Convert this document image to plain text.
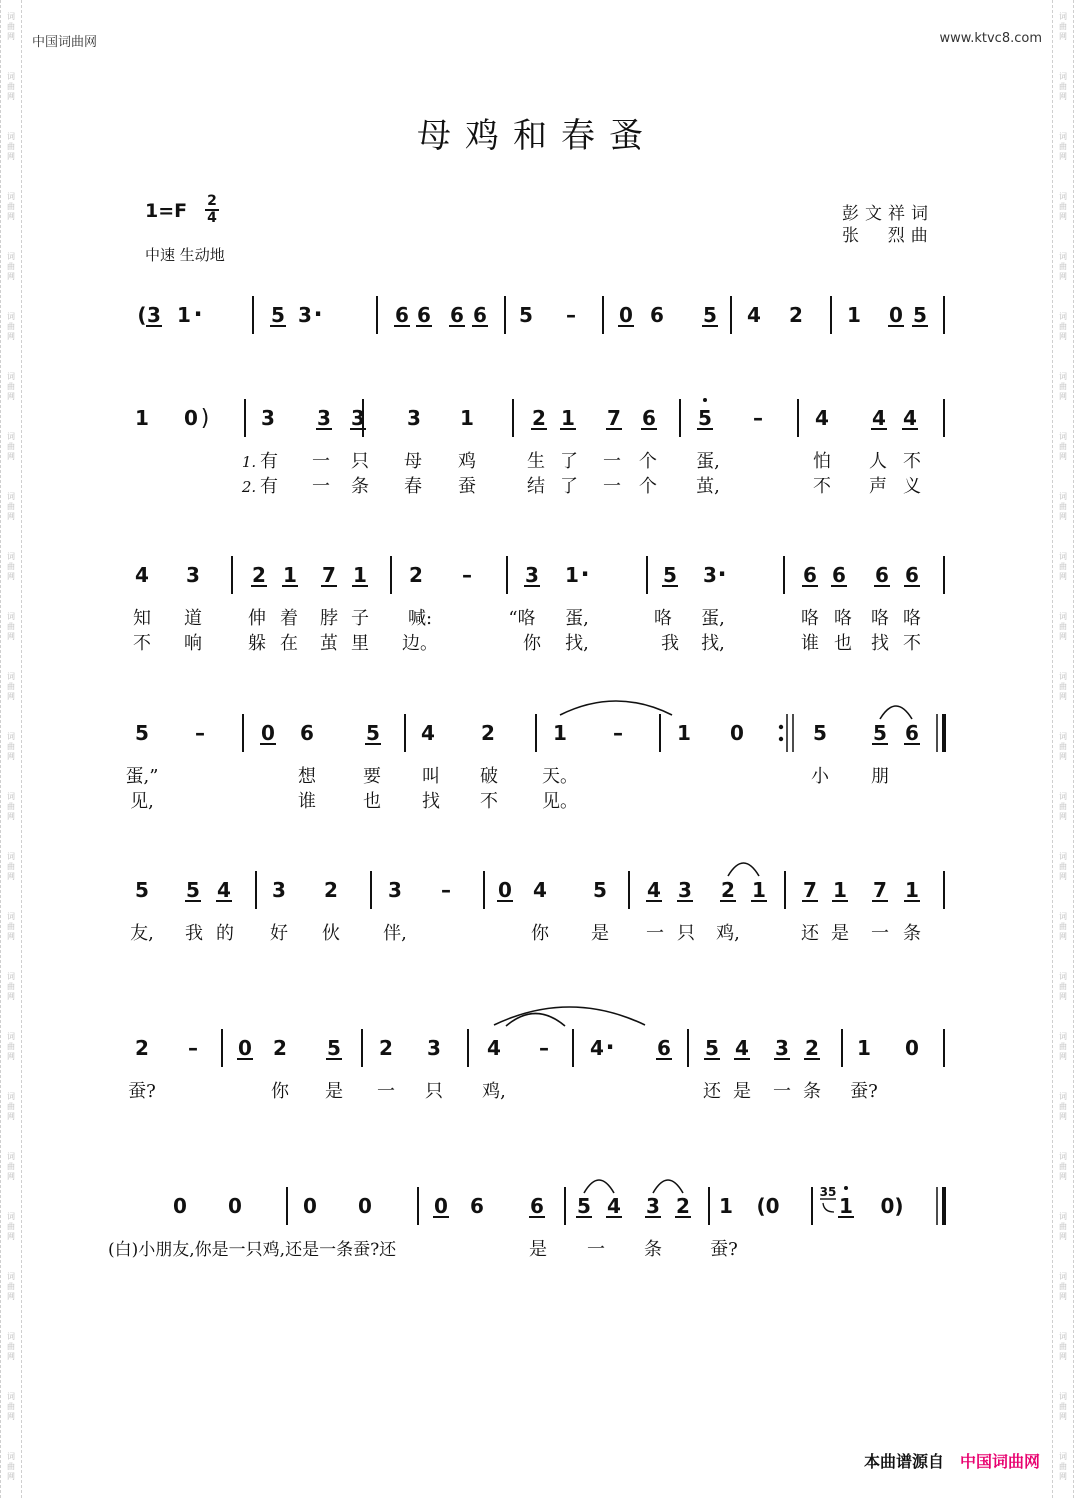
词
曲
网
词
曲
网
词
曲
网
词
曲
网
词
曲
网
词
曲
网
词
曲
网
词
曲
网
词
曲
网
词
曲
网
词
曲
网
词
曲
网
词
曲
网
词
曲
网
词
曲
网
词
曲
网
词
曲
网
词
曲
网
词
曲
网
词
曲
网
词
曲
网
词
曲
网
词
曲
网
词
曲
网
词
曲
网
词
曲
网
词
曲
网
词
曲
网
词
曲
网
词
曲
网
词
曲
网
词
曲
网
词
曲
网
词
曲
网
词
曲
网
词
曲
网
词
曲
网
词
曲
网
词
曲
网
词
曲
网
词
曲
网
词
曲
网
词
曲
网
词
曲
网
词
曲
网
词
曲
网
词
曲
网
词
曲
网
词
曲
网
词
曲
网
中国词曲网	www.ktvc8.com
母鸡和春蚤
1=F 2
4
中速 生动地
彭文祥词
张  烈曲
( 3 1 ·	5 3 ·	6 6 6 6 5 – 0 6 5 4 2 1 0 5
)
1 0	3 3 3 3 1	2 1 7 6 5 –	4 4 4
1. 有 一 只 母 鸡	生 了 一 个 蛋,	怕 人 不
2. 有 一 条 春 蚕	结 了 一 个 茧,	不 声 义
4 3	2 1 7 1 2 –	3 1 ·	5 3 ·	6 6 6 6
知 道	伸 着 脖 子 喊:	“咯 蛋,	咯 蛋,	咯 咯 咯 咯
不 响	躲 在 茧 里 边。	你 找,	我 找,	谁 也 找 不
5 –	0 6	5 4 2	1 –	1 0	5 5 6
蛋,”	想	要 叫 破 天。	小 朋
见,	谁	也 找 不 见。
5 5 4 3 2	3 – 0 4 5 4 3 2 1 7 1 7 1
友, 我 的 好 伙 伴,	你 是 一 只 鸡,	还 是 一 条
2 – 0 2 5 2 3 4 – 4 · 6 5 4 3 2 1 0
蚕?	你 是 一 只 鸡,	还 是 一 条 蚕?
0 0	0 0	0 6 6 5 4 3 2 1 (0	1 0)
35
(白)小朋友,你是一只鸡,还是一条蚕?还	是 一 条	蚕?
本曲谱源自 中国词曲网
